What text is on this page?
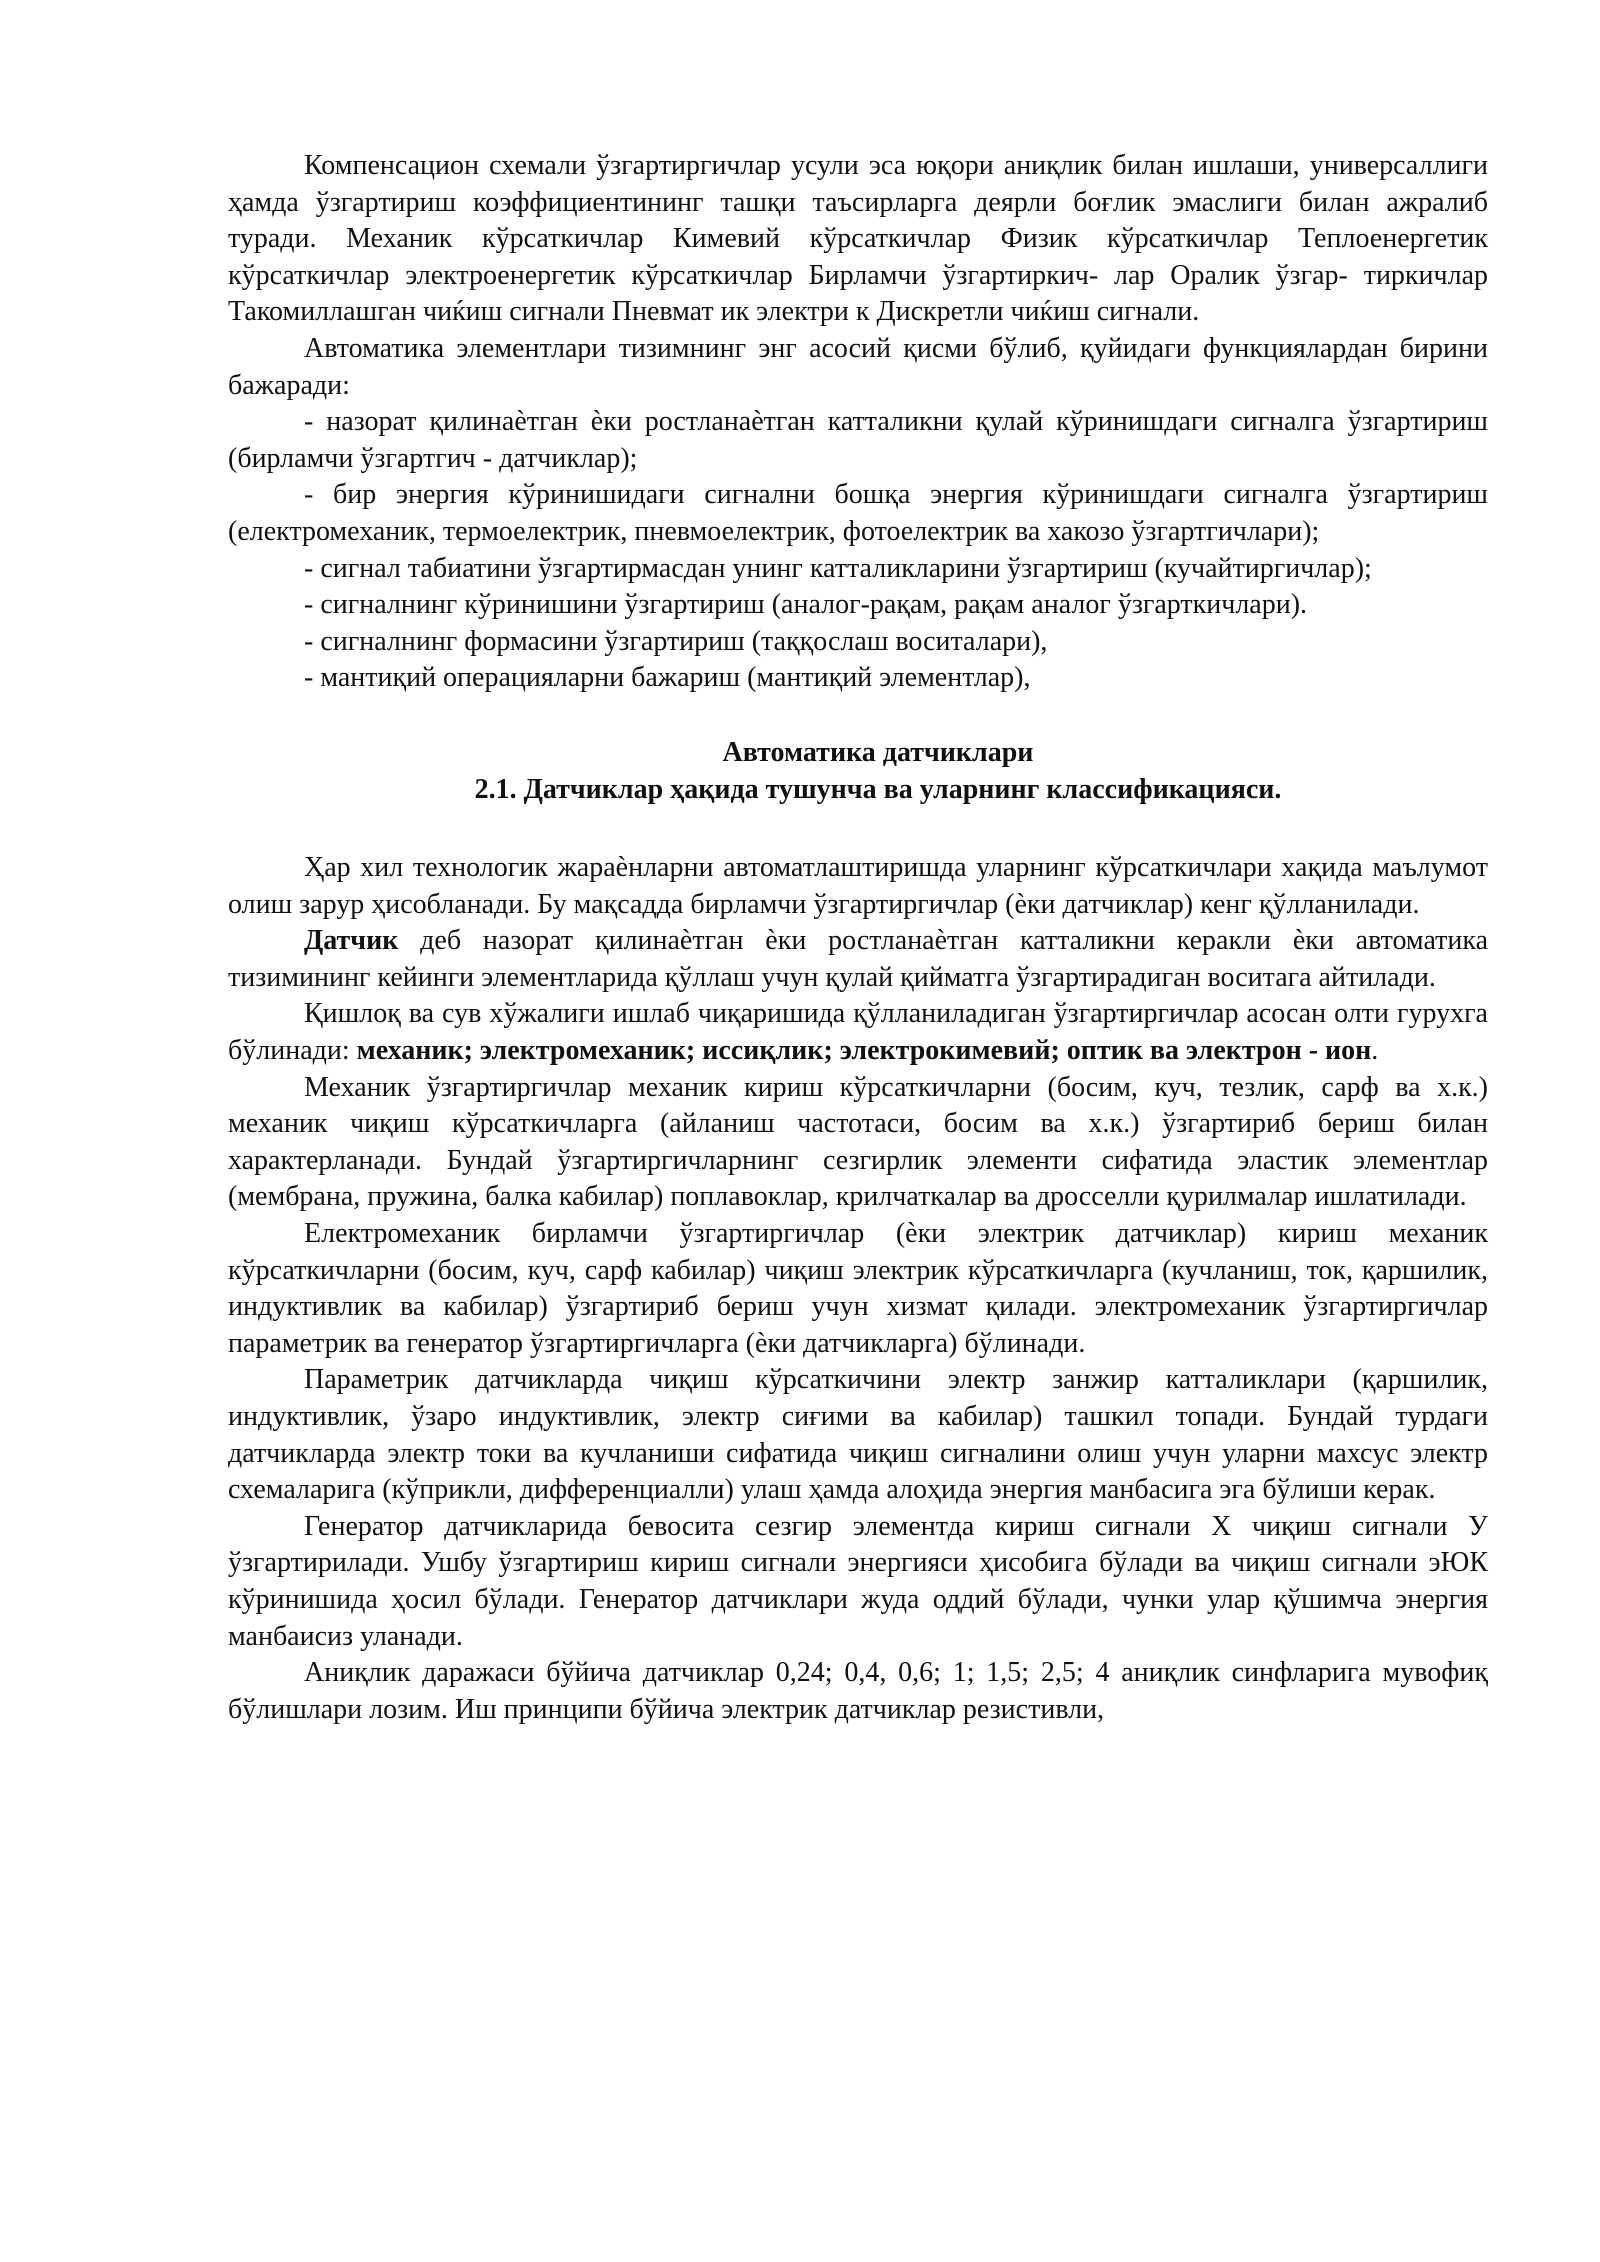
Компенсацион схемали ўзгартиргичлар усули эса юқори аниқлик билан ишлаши, универсаллиги ҳамда ўзгартириш коэффициентининг ташқи таъсирларга деярли боғлик эмаслиги билан ажралиб туради. Механик кўрсаткичлар Кимевий кўрсаткичлар Физик кўрсаткичлар Теплоенергетик кўрсаткичлар электроенергетик кўрсаткичлар Бирламчи ўзгартиркич- лар Оралик ўзгар- тиркичлар Такомиллашган чиќиш сигнали Пневмат ик электри к Дискретли чиќиш сигнали.

Автоматика элементлари тизимнинг энг асосий қисми бўлиб, қуйидаги функциялардан бирини бажаради:

- назорат қилинаѐтган ѐки ростланаѐтган катталикни қулай кўринишдаги сигналга ўзгартириш (бирламчи ўзгартгич - датчиклар);

- бир энергия кўринишидаги сигнални бошқа энергия кўринишдаги сигналга ўзгартириш (електромеханик, термоелектрик, пневмоелектрик, фотоелектрик ва хакозо ўзгартгичлари);

- сигнал табиатини ўзгартирмасдан унинг катталикларини ўзгартириш (кучайтиргичлар);

- сигналнинг кўринишини ўзгартириш (аналог-рақам, рақам аналог ўзгарткичлари).

- сигналнинг формасини ўзгартириш (таққослаш воситалари),

- мантиқий операцияларни бажариш (мантиқий элементлар),

Автоматика датчиклари

2.1. Датчиклар ҳақида тушунча ва уларнинг классификацияси.

Ҳар хил технологик жараѐнларни автоматлаштиришда уларнинг кўрсаткичлари хақида маълумот олиш зарур ҳисобланади. Бу мақсадда бирламчи ўзгартиргичлар (ѐки датчиклар) кенг қўлланилади.

Датчик деб назорат қилинаѐтган ѐки ростланаѐтган катталикни керакли ѐки автоматика тизимининг кейинги элементларида қўллаш учун қулай қийматга ўзгартирадиган воситага айтилади.

Қишлоқ ва сув хўжалиги ишлаб чиқаришида қўлланиладиган ўзгартиргичлар асосан олти гурухга бўлинади: механик; электромеханик; иссиқлик; электрокимевий; оптик ва электрон - ион.

Механик ўзгартиргичлар механик кириш кўрсаткичларни (босим, куч, тезлик, сарф ва х.к.) механик чиқиш кўрсаткичларга (айланиш частотаси, босим ва х.к.) ўзгартириб бериш билан характерланади. Бундай ўзгартиргичларнинг сезгирлик элементи сифатида эластик элементлар (мембрана, пружина, балка кабилар) поплавоклар, крилчаткалар ва дросселли қурилмалар ишлатилади.

Електромеханик бирламчи ўзгартиргичлар (ѐки электрик датчиклар) кириш механик кўрсаткичларни (босим, куч, сарф кабилар) чиқиш электрик кўрсаткичларга (кучланиш, ток, қаршилик, индуктивлик ва кабилар) ўзгартириб бериш учун хизмат қилади. электромеханик ўзгартиргичлар параметрик ва генератор ўзгартиргичларга (ѐки датчикларга) бўлинади.

Параметрик датчикларда чиқиш кўрсаткичини электр занжир катталиклари (қаршилик, индуктивлик, ўзаро индуктивлик, электр сиғими ва кабилар) ташкил топади. Бундай турдаги датчикларда электр токи ва кучланиши сифатида чиқиш сигналини олиш учун уларни махсус электр схемаларига (кўприкли, дифференциалли) улаш ҳамда алоҳида энергия манбасига эга бўлиши керак.

Генератор датчикларида бевосита сезгир элементда кириш сигнали Х чиқиш сигнали У ўзгартирилади. Ушбу ўзгартириш кириш сигнали энергияси ҳисобига бўлади ва чиқиш сигнали эЮК кўринишида ҳосил бўлади. Генератор датчиклари жуда оддий бўлади, чунки улар қўшимча энергия манбаисиз уланади.

Аниқлик даражаси бўйича датчиклар 0,24; 0,4, 0,6; 1; 1,5; 2,5; 4 аниқлик синфларига мувофиқ бўлишлари лозим. Иш принципи бўйича электрик датчиклар резистивли,
